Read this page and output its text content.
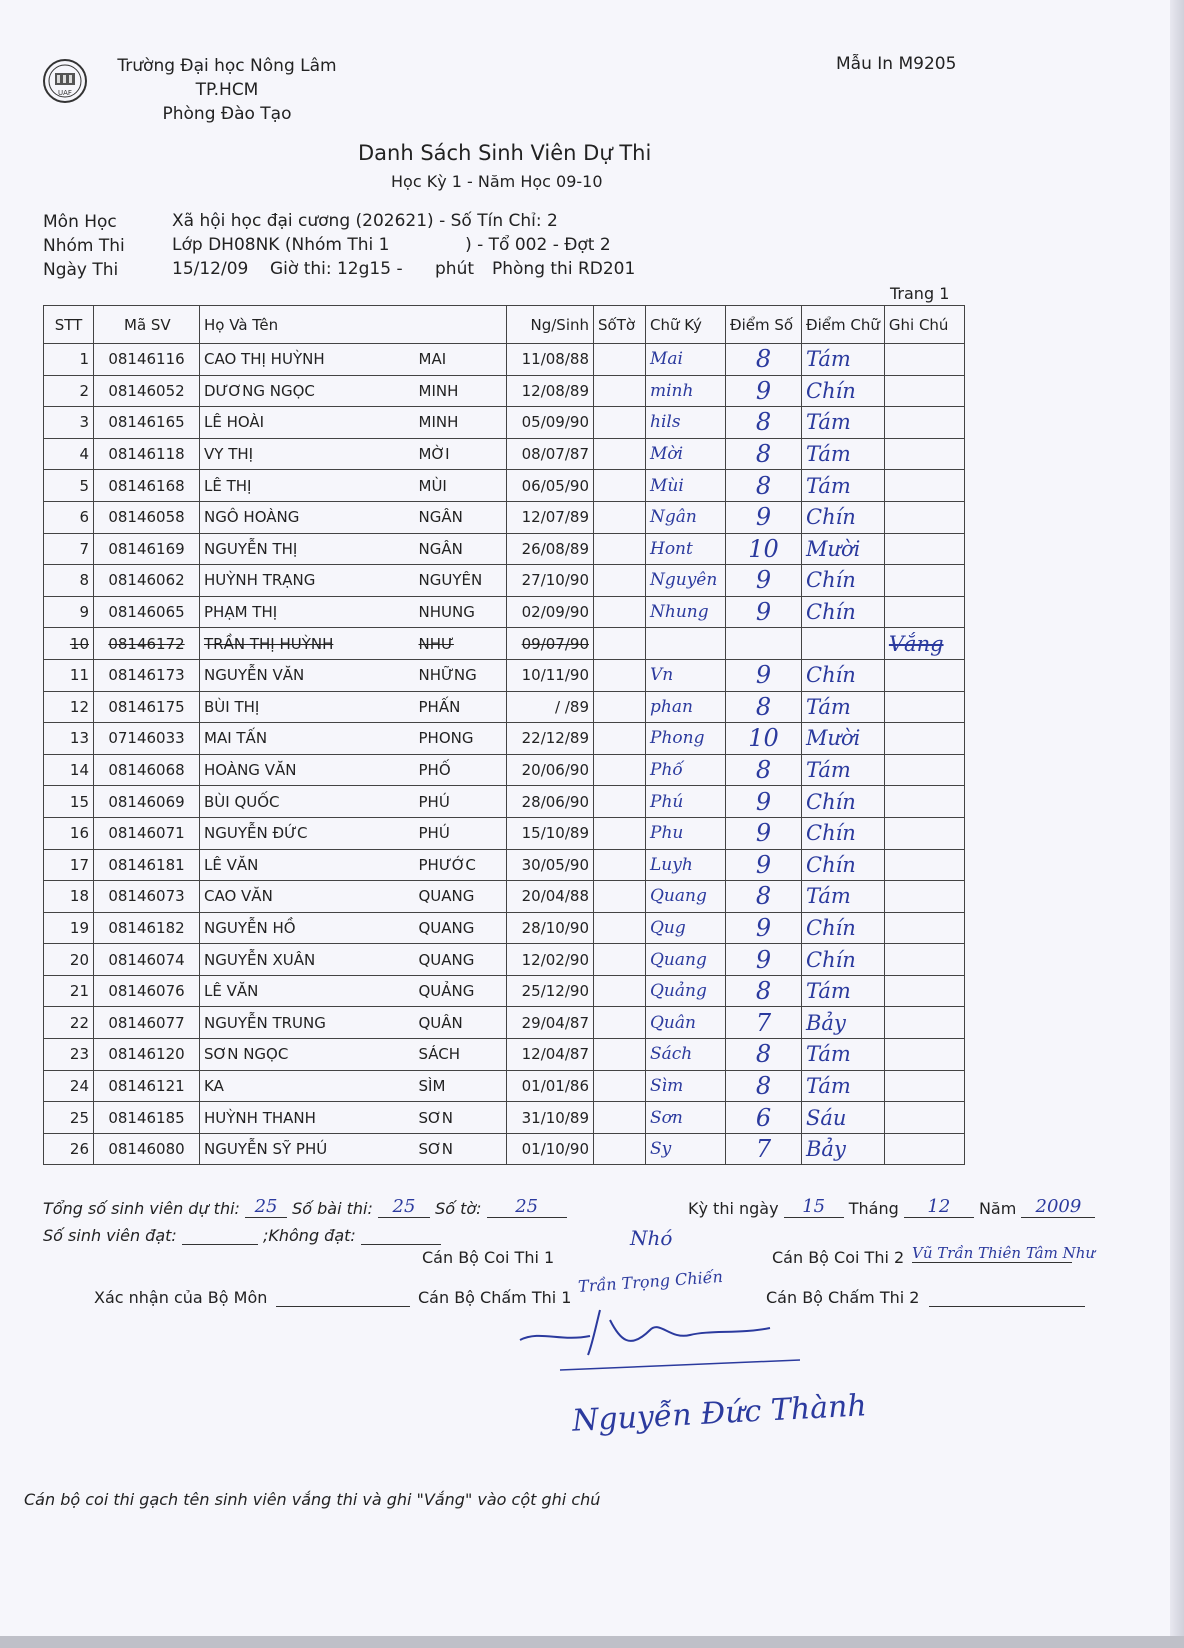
UAF
Trường Đại học Nông Lâm
TP.HCM
Phòng Đào Tạo
Mẫu In M9205
Danh Sách Sinh Viên Dự Thi
Học Kỳ 1 - Năm Học 09-10
Môn Học	Xã hội học đại cương (202621) - Số Tín Chỉ: 2
Nhóm Thi	Lớp DH08NK (Nhóm Thi 1              ) - Tổ 002 - Đợt 2
Ngày Thi	15/12/09 Giờ thi: 12g15 -      phút Phòng thi RD201
Trang 1
STT	Mã SV	Họ Và Tên		Ng/Sinh	SốTờ	Chữ Ký	Điểm Số	Điểm Chữ	Ghi Chú
1	08146116	CAO THỊ HUỲNH	MAI	11/08/88		Mai	8	Tám	
2	08146052	DƯƠNG NGỌC	MINH	12/08/89		minh	9	Chín	
3	08146165	LÊ HOÀI	MINH	05/09/90		hils	8	Tám	
4	08146118	VY THỊ	MỜI	08/07/87		Mời	8	Tám	
5	08146168	LÊ THỊ	MÙI	06/05/90		Mùi	8	Tám	
6	08146058	NGÔ HOÀNG	NGÂN	12/07/89		Ngân	9	Chín	
7	08146169	NGUYỄN THỊ	NGÂN	26/08/89		Hont	10	Mười	
8	08146062	HUỲNH TRẠNG	NGUYÊN	27/10/90		Nguyên	9	Chín	
9	08146065	PHẠM THỊ	NHUNG	02/09/90		Nhung	9	Chín	
10	08146172	TRẦN THỊ HUỲNH	NHƯ	09/07/90					Vắng
11	08146173	NGUYỄN VĂN	NHỮNG	10/11/90		Vn	9	Chín	
12	08146175	BÙI THỊ	PHẤN	/ /89		phan	8	Tám	
13	07146033	MAI TẤN	PHONG	22/12/89		Phong	10	Mười	
14	08146068	HOÀNG VĂN	PHỐ	20/06/90		Phố	8	Tám	
15	08146069	BÙI QUỐC	PHÚ	28/06/90		Phú	9	Chín	
16	08146071	NGUYỄN ĐỨC	PHÚ	15/10/89		Phu	9	Chín	
17	08146181	LÊ VĂN	PHƯỚC	30/05/90		Luyh	9	Chín	
18	08146073	CAO VĂN	QUANG	20/04/88		Quang	8	Tám	
19	08146182	NGUYỄN HỒ	QUANG	28/10/90		Qug	9	Chín	
20	08146074	NGUYỄN XUÂN	QUANG	12/02/90		Quang	9	Chín	
21	08146076	LÊ VĂN	QUẢNG	25/12/90		Quảng	8	Tám	
22	08146077	NGUYỄN TRUNG	QUÂN	29/04/87		Quân	7	Bảy	
23	08146120	SƠN NGỌC	SÁCH	12/04/87		Sách	8	Tám	
24	08146121	KA	SÌM	01/01/86		Sìm	8	Tám	
25	08146185	HUỲNH THANH	SƠN	31/10/89		Sơn	6	Sáu	
26	08146080	NGUYỄN SỸ PHÚ	SƠN	01/10/90		Sy	7	Bảy	
Tổng số sinh viên dự thi: 25 Số bài thi: 25 Số tờ: 25	Kỳ thi ngày 15 Tháng 12 Năm 2009
Số sinh viên đạt:	;Không đạt:
Cán Bộ Coi Thi 1
Nhó
Cán Bộ Coi Thi 2 Vũ Trần Thiên Tâm Như
Xác nhận của Bộ Môn	Cán Bộ Chấm Thi 1
Trần Trọng Chiến
Cán Bộ Chấm Thi 2
Nguyễn Đức Thành
Cán bộ coi thi gạch tên sinh viên vắng thi và ghi "Vắng" vào cột ghi chú
